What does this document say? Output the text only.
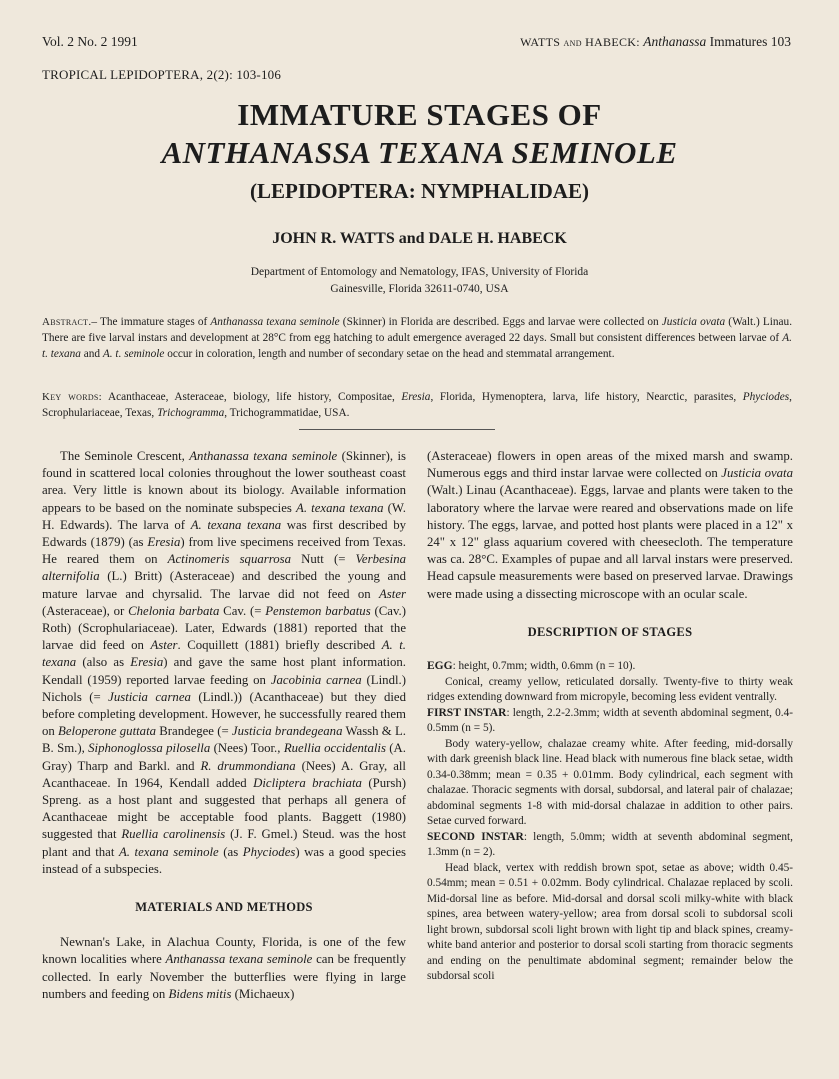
Vol. 2 No. 2 1991	WATTS and HABECK: Anthanassa Immatures 103
TROPICAL LEPIDOPTERA, 2(2): 103-106
IMMATURE STAGES OF
ANTHANASSA TEXANA SEMINOLE
(LEPIDOPTERA: NYMPHALIDAE)
JOHN R. WATTS and DALE H. HABECK
Department of Entomology and Nematology, IFAS, University of Florida
Gainesville, Florida 32611-0740, USA
Abstract.– The immature stages of Anthanassa texana seminole (Skinner) in Florida are described. Eggs and larvae were collected on Justicia ovata (Walt.) Linau. There are five larval instars and development at 28°C from egg hatching to adult emergence averaged 22 days. Small but consistent differences between larvae of A. t. texana and A. t. seminole occur in coloration, length and number of secondary setae on the head and stemmatal arrangement.
Key words: Acanthaceae, Asteraceae, biology, life history, Compositae, Eresia, Florida, Hymenoptera, larva, life history, Nearctic, parasites, Phyciodes, Scrophulariaceae, Texas, Trichogramma, Trichogrammatidae, USA.

The Seminole Crescent, Anthanassa texana seminole (Skinner), is found in scattered local colonies throughout the lower southeast coast area. Very little is known about its biology. Available information appears to be based on the nominate subspecies A. texana texana (W. H. Edwards). The larva of A. texana texana was first described by Edwards (1879) (as Eresia) from live specimens received from Texas. He reared them on Actinomeris squarrosa Nutt (= Verbesina alternifolia (L.) Britt) (Asteraceae) and described the young and mature larvae and chyrsalid. The larvae did not feed on Aster (Asteraceae), or Chelonia barbata Cav. (= Penstemon barbatus (Cav.) Roth) (Scrophulariaceae). Later, Edwards (1881) reported that the larvae did feed on Aster. Coquillett (1881) briefly described A. t. texana (also as Eresia) and gave the same host plant information. Kendall (1959) reported larvae feeding on Jacobinia carnea (Lindl.) Nichols (= Justicia carnea (Lindl.)) (Acanthaceae) but they died before completing development. However, he successfully reared them on Beloperone guttata Brandegee (= Justicia brandegeana Wassh & L. B. Sm.), Siphonoglossa pilosella (Nees) Toor., Ruellia occidentalis (A. Gray) Tharp and Barkl. and R. drummondiana (Nees) A. Gray, all Acanthaceae. In 1964, Kendall added Dicliptera brachiata (Pursh) Spreng. as a host plant and suggested that perhaps all genera of Acanthaceae might be acceptable food plants. Baggett (1980) suggested that Ruellia carolinensis (J. F. Gmel.) Steud. was the host plant and that A. texana seminole (as Phyciodes) was a good species instead of a subspecies.

MATERIALS AND METHODS

Newnan's Lake, in Alachua County, Florida, is one of the few known localities where Anthanassa texana seminole can be frequently collected. In early November the butterflies were flying in large numbers and feeding on Bidens mitis (Michaeux)

(Asteraceae) flowers in open areas of the mixed marsh and swamp. Numerous eggs and third instar larvae were collected on Justicia ovata (Walt.) Linau (Acanthaceae). Eggs, larvae and plants were taken to the laboratory where the larvae were reared and observations made on life history. The eggs, larvae, and potted host plants were placed in a 12" x 24" x 12" glass aquarium covered with cheesecloth. The temperature was ca. 28°C. Examples of pupae and all larval instars were preserved. Head capsule measurements were based on preserved larvae. Drawings were made using a dissecting microscope with an ocular scale.

DESCRIPTION OF STAGES

EGG: height, 0.7mm; width, 0.6mm (n = 10).

Conical, creamy yellow, reticulated dorsally. Twenty-five to thirty weak ridges extending downward from micropyle, becoming less evident ventrally.

FIRST INSTAR: length, 2.2-2.3mm; width at seventh abdominal segment, 0.4-0.5mm (n = 5).

Body watery-yellow, chalazae creamy white. After feeding, mid-dorsally with dark greenish black line. Head black with numerous fine black setae, width 0.34-0.38mm; mean = 0.35 + 0.01mm. Body cylindrical, each segment with chalazae. Thoracic segments with dorsal, subdorsal, and lateral pair of chalazae; abdominal segments 1-8 with mid-dorsal chalazae in addition to other pairs. Setae curved forward.

SECOND INSTAR: length, 5.0mm; width at seventh abdominal segment, 1.3mm (n = 2).

Head black, vertex with reddish brown spot, setae as above; width 0.45-0.54mm; mean = 0.51 + 0.02mm. Body cylindrical. Chalazae replaced by scoli. Mid-dorsal line as before. Mid-dorsal and dorsal scoli milky-white with black spines, area between watery-yellow; area from dorsal scoli to subdorsal scoli light brown, subdorsal scoli light brown with light tip and black spines, creamy-white band anterior and posterior to dorsal scoli starting from thoracic segments and ending on the penultimate abdominal segment; remainder below the subdorsal scoli
